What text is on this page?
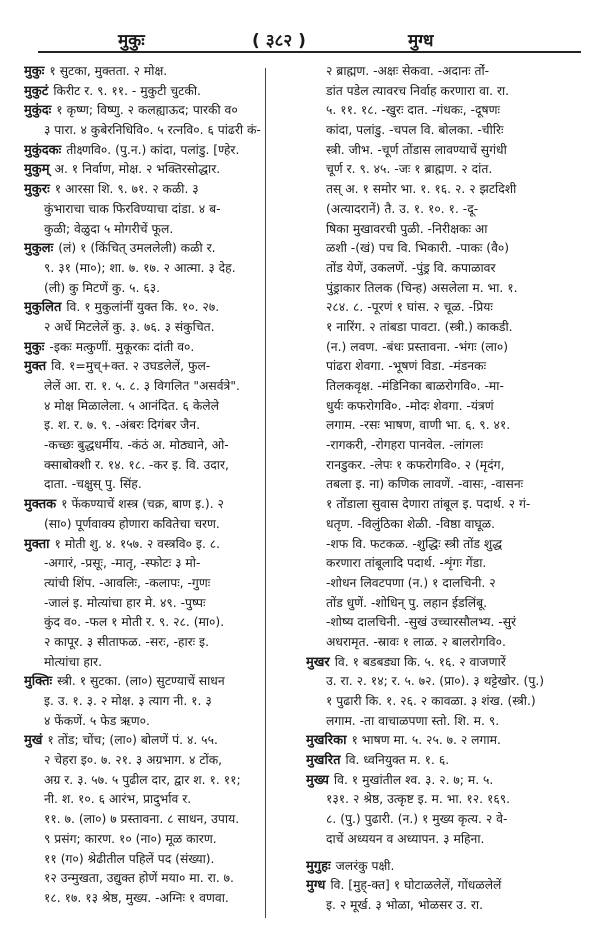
मुकुः	( ३८२ )	मुग्ध
मुकुः १ सुटका, मुक्तता. २ मोक्ष.
मुकुटं किरीट र. ९. ११. - मुकुटी चुटकी.
मुकुंदः १ कृष्ण; विष्णु. २ कलह्याऊद; पारकी व०
३ पारा. ४ कुबेरनिधिवि०. ५ रत्नवि०. ६ पांढरी कं-
मुकुंदकः तीक्ष्णवि०. (पु.न.) कांदा, पलांडु. [ण्हेर.
मुकुम् अ. १ निर्वाण, मोक्ष. २ भक्तिरसोद्धार.
मुकुरः १ आरसा शि. ९. ७१. २ कळी. ३
कुंभाराचा चाक फिरविण्याचा दांडा. ४ ब-
कुळी; वेळुदा ५ मोगरीचें फूल.
मुकुलः (लं) १ (किंचित् उमललेली) कळी र.
९. ३१ (मा०); शा. ७. १७. २ आत्मा. ३ देह.
(ली) कु मिटणें कु. ५. ६३.
मुकुलित वि. १ मुकुलांनीं युक्त कि. १०. २७.
२ अर्धे मिटलेलें कु. ३. ७६. ३ संकुचित.
मुकुः -इकः मत्कुणीं. मुकूरकः दांती व०.
मुक्त वि. १=मुच्+क्त. २ उघडलेलें, फुल-
लेलें आ. रा. १. ५. ८. ३ विगलित "असर्वत्रे".
४ मोक्ष मिळालेला. ५ आनंदित. ६ केलेले
इ. श. र. ७. ९. -अंबरः दिगंबर जैन.
-कच्छः बुद्धधर्मीय. -कंठं अ. मोठ्याने, ओ-
क्साबोक्शी र. १४. १८. -कर इ. वि. उदार,
दाता. -चक्षुस् पु. सिंह.
मुक्तक १ फेंकण्याचें शस्त्र (चक्र, बाण इ.). २
(सा०) पूर्णवाक्य होणारा कवितेचा चरण.
मुक्ता १ मोती शु. ४. १५७. २ वस्त्रवि० इ. ८.
-अगारं, -प्रसूः, -मातृ, -स्फोटः ३ मो-
त्यांची शिंप. -आवलिः, -कलापः, -गुणः
-जालं इ. मोत्यांचा हार मे. ४९. -पुष्पः
कुंद व०. -फल १ मोती र. ९. २८. (मा०).
२ कापूर. ३ सीताफळ. -सरः, -हारः इ.
मोत्यांचा हार.
मुक्तिः स्त्री. १ सुटका. (ला०) सुटण्याचें साधन
इ. उ. १. ३. २ मोक्ष. ३ त्याग नी. १. ३
४ फेंकणें. ५ फेड ऋण०.
मुखं १ तोंड; चोंच; (ला०) बोलणें पं. ४. ५५.
२ चेहरा इ०. ७. २१. ३ अग्रभाग. ४ टोंक,
अग्र र. ३. ५७. ५ पुढील दार, द्वार श. १. ११;
नी. श. १०. ६ आरंभ, प्रादुर्भाव र.
११. ७. (ला०) ७ प्रस्तावना. ८ साधन, उपाय.
९ प्रसंग; कारण. १० (ना०) मूळ कारण.
११ (ग०) श्रेढीतील पहिलें पद (संख्या).
१२ उन्मुखता, उद्युक्त होणें मया० मा. रा. ७.
१८. १७. १३ श्रेष्ठ, मुख्य. -अग्निः १ वणवा.
२ ब्राह्मण. -अक्षः सेकवा. -अदानः तोंं-
डांत पडेल त्यावरच निर्वाह करणारा वा. रा.
५. ११. १८. -खुरः दात. -गंधकः, -दूषणः
कांदा, पलांडु. -चपल वि. बोलका. -चीरिः
स्त्री. जीभ. -चूर्ण तोंडास लावण्याचें सुगंधी
चूर्ण र. ९. ४५. -जः १ ब्राह्मण. २ दांत.
तस् अ. १ समोर भा. १. १६. २. २ झटदिशी
(अत्यादरानें) तै. उ. १. १०. १. -दू-
षिका मुखावरची पुळी. -निरीक्षकः आ
ळशी -(खं) पच वि. भिकारी. -पाकः (वै०)
तोंड येणें, उकलणें. -पुंड्र वि. कपाळावर
पुंड्राकार तिलक (चिन्ह) असलेला म. भा. १.
२८४. ८. -पूरणं १ घांस. २ चूळ. -प्रियः
१ नारिंग. २ तांबडा पावटा. (स्त्री.) काकडी.
(न.) लवण. -बंधः प्रस्तावना. -भंगः (ला०)
पांढरा शेवगा. -भूषणं विडा. -मंडनकः
तिलकवृक्ष. -मंडिनिका बाळरोगवि०. -मा-
धुर्यः कफरोगवि०. -मोदः शेवगा. -यंत्रणं
लगाम. -रसः भाषण, वाणी भा. ६. ९. ४१.
-रागकरी, -रोगहरा पानवेल. -लांगलः
रानडुकर. -लेपः १ कफरोगवि०. २ (मृदंग,
तबला इ. ना) कणिक लावणें. -वासः, -वासनः
१ तोंडाला सुवास देणारा तांबूल इ. पदार्थ. २ गं-
धतृण. -विलुंठिका शेळी. -विष्ठा वाघूळ.
-शफ वि. फटकळ. -शुद्धिः स्त्री तोंड शुद्ध
करणारा तांबूलादि पदार्थ. -शृंगः गेंडा.
-शोधन लिवटपणा (न.) १ दालचिनी. २
तोंड धुणें. -शोधिन् पु. लहान ईडलिंबू.
-शोष्य दालचिनी. -सुखं उच्चारसौलभ्य. -सुरं
अधरामृत. -स्रावः १ लाळ. २ बालरोगवि०.
मुखर वि. १ बडबड्या कि. ५. १६. २ वाजणारें
उ. रा. २. १४; र. ५. ७२. (प्रा०). ३ थट्टेखोर. (पु.)
१ पुढारी कि. १. २६. २ कावळा. ३ शंख. (स्त्री.)
लगाम. -ता वाचाळपणा स्तो. शि. म. ९.
मुखरिका १ भाषण मा. ५. २५. ७. २ लगाम.
मुखरित वि. ध्वनियुक्त म. १. ६.
मुख्य वि. १ मुखांतील श्व. ३. २. ७; म. ५.
१३१. २ श्रेष्ठ, उत्कृष्ट इ. म. भा. १२. १६९.
८. (पु.) पुढारी. (न.) १ मुख्य कृत्य. २ वे-
दाचें अध्ययन व अध्यापन. ३ महिना.
मुगुहः जलरंकु पक्षी.
मुग्ध वि. [मुह्-क्त] १ घोटाळलेलें, गोंधळलेलें
इ. २ मूर्ख. ३ भोळा, भोळसर उ. रा.
